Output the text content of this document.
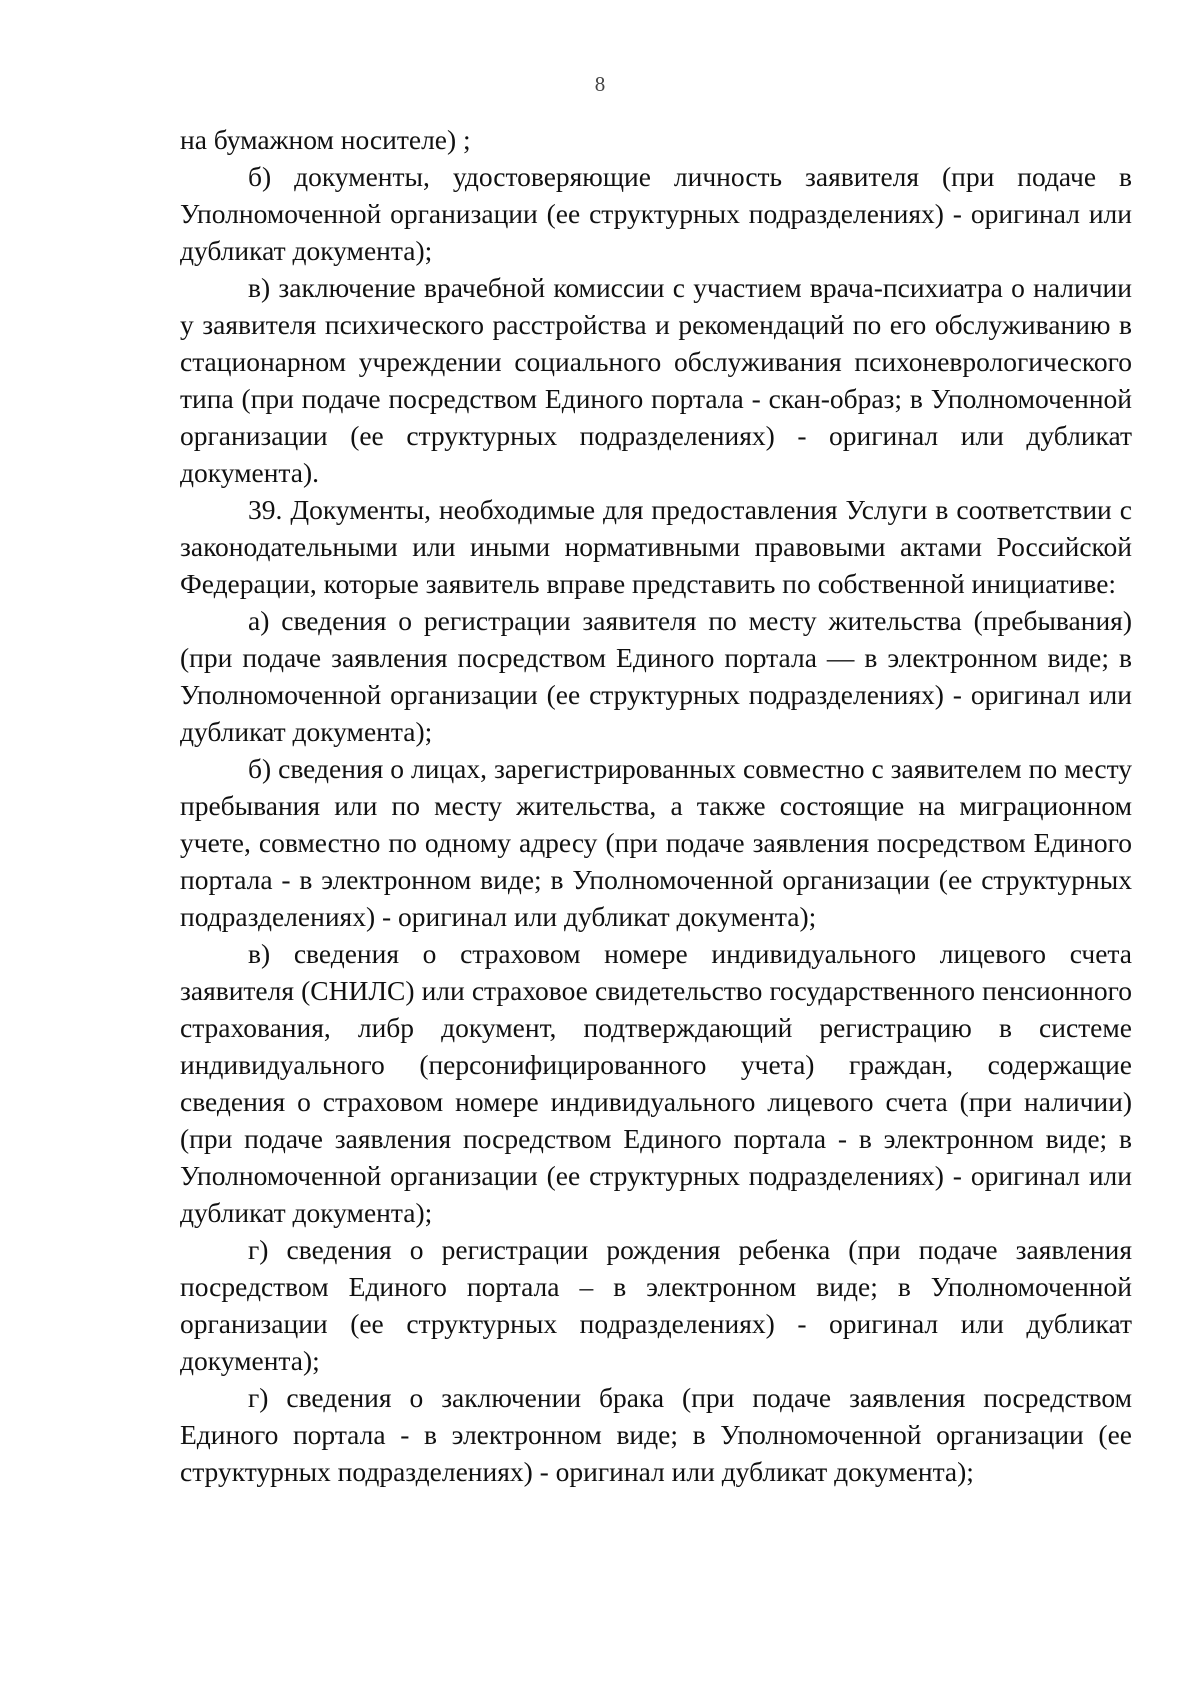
8

на бумажном носителе) ;

б) документы, удостоверяющие личность заявителя (при подаче в Уполномоченной организации (ее структурных подразделениях) - оригинал или дубликат документа);

в) заключение врачебной комиссии с участием врача-психиатра о наличии у заявителя психического расстройства и рекомендаций по его обслуживанию в стационарном учреждении социального обслуживания психоневрологического типа (при подаче посредством Единого портала - скан-образ; в Уполномоченной организации (ее структурных подразделениях) - оригинал или дубликат документа).

39. Документы, необходимые для предоставления Услуги в соответствии с законодательными или иными нормативными правовыми актами Российской Федерации, которые заявитель вправе представить по собственной инициативе:

а) сведения о регистрации заявителя по месту жительства (пребывания) (при подаче заявления посредством Единого портала — в электронном виде; в Уполномоченной организации (ее структурных подразделениях) - оригинал или дубликат документа);

б) сведения о лицах, зарегистрированных совместно с заявителем по месту пребывания или по месту жительства, а также состоящие на миграционном учете, совместно по одному адресу (при подаче заявления посредством Единого портала - в электронном виде; в Уполномоченной организации (ее структурных подразделениях) - оригинал или дубликат документа);

в) сведения о страховом номере индивидуального лицевого счета заявителя (СНИЛС) или страховое свидетельство государственного пенсионного страхования, либр документ, подтверждающий регистрацию в системе индивидуального (персонифицированного учета) граждан, содержащие сведения о страховом номере индивидуального лицевого счета (при наличии) (при подаче заявления посредством Единого портала - в электронном виде; в Уполномоченной организации (ее структурных подразделениях) - оригинал или дубликат документа);

г) сведения о регистрации рождения ребенка (при подаче заявления посредством Единого портала – в электронном виде; в Уполномоченной организации (ее структурных подразделениях) - оригинал или дубликат документа);

г) сведения о заключении брака (при подаче заявления посредством Единого портала - в электронном виде; в Уполномоченной организации (ее структурных подразделениях) - оригинал или дубликат документа);
